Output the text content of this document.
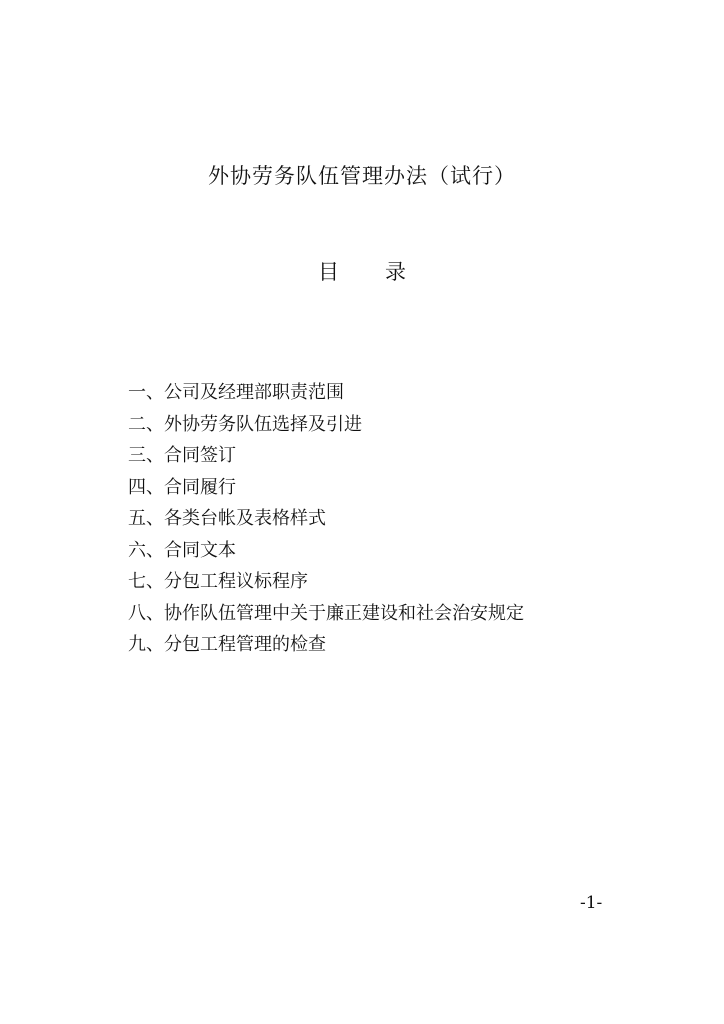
外协劳务队伍管理办法（试行）
目 录
一、公司及经理部职责范围
二、外协劳务队伍选择及引进
三、合同签订
四、合同履行
五、各类台帐及表格样式
六、合同文本
七、分包工程议标程序
八、协作队伍管理中关于廉正建设和社会治安规定
九、分包工程管理的检查
-1-
